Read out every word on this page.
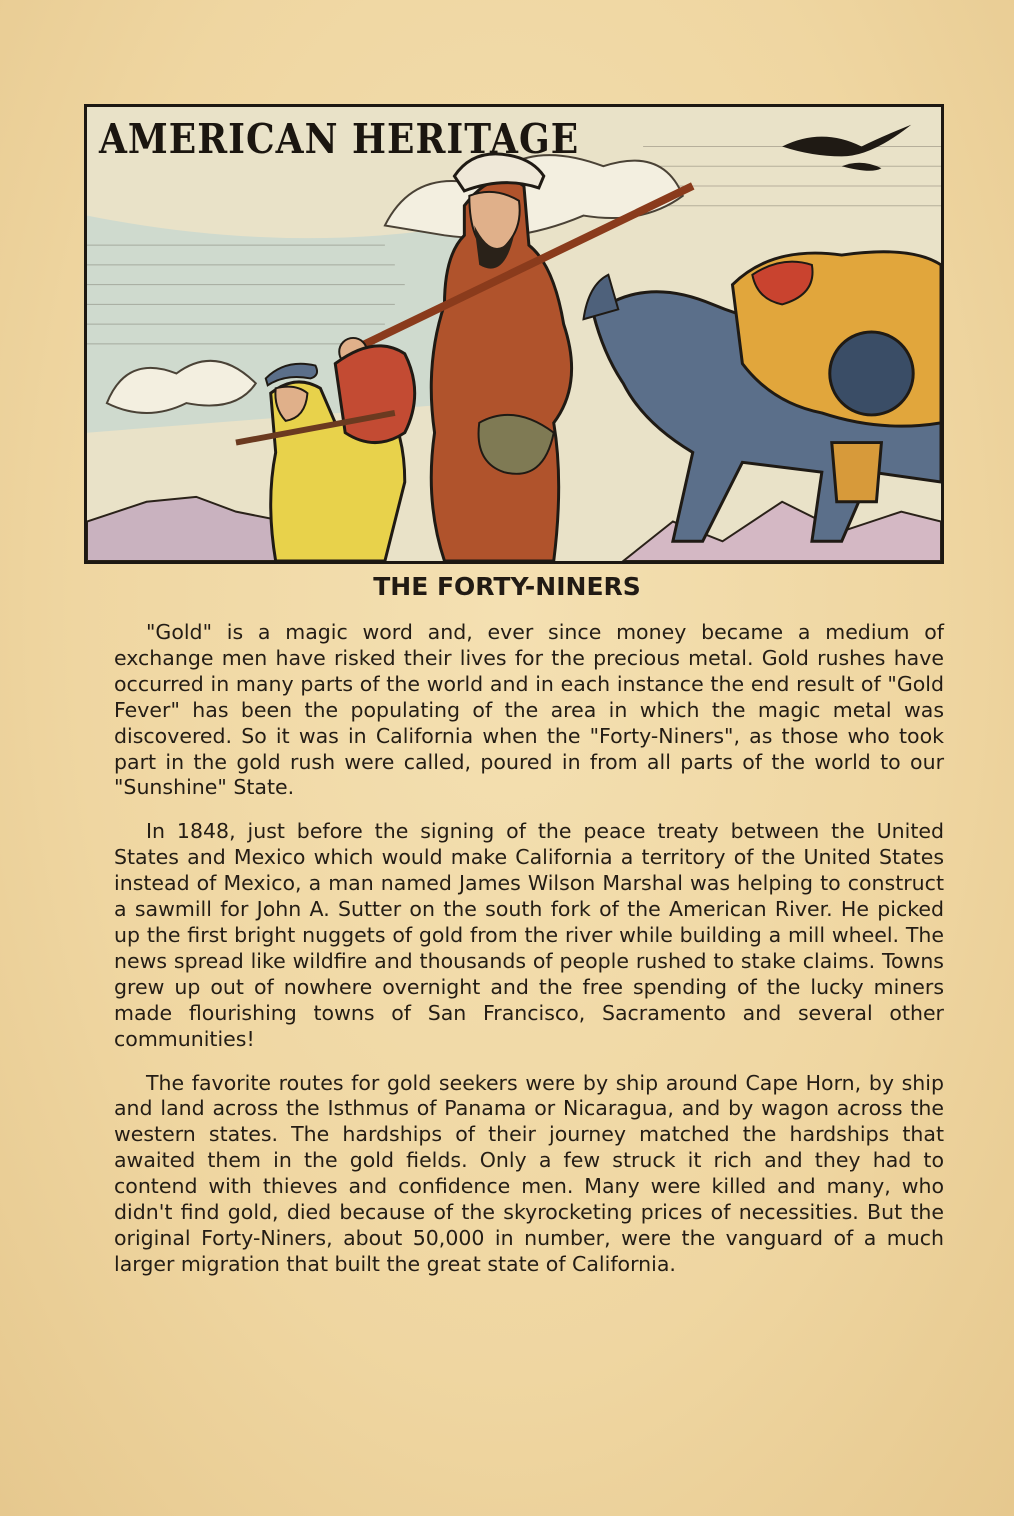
AMERICAN HERITAGE
THE FORTY-NINERS

"Gold" is a magic word and, ever since money became a medium of exchange men have risked their lives for the precious metal. Gold rushes have occurred in many parts of the world and in each instance the end result of "Gold Fever" has been the populating of the area in which the magic metal was discovered. So it was in California when the "Forty-Niners", as those who took part in the gold rush were called, poured in from all parts of the world to our "Sunshine" State.

In 1848, just before the signing of the peace treaty between the United States and Mexico which would make California a territory of the United States instead of Mexico, a man named James Wilson Marshal was helping to construct a sawmill for John A. Sutter on the south fork of the American River. He picked up the first bright nuggets of gold from the river while building a mill wheel. The news spread like wildfire and thousands of people rushed to stake claims. Towns grew up out of nowhere overnight and the free spending of the lucky miners made flourishing towns of San Francisco, Sacramento and several other communities!

The favorite routes for gold seekers were by ship around Cape Horn, by ship and land across the Isthmus of Panama or Nicaragua, and by wagon across the western states. The hardships of their journey matched the hardships that awaited them in the gold fields. Only a few struck it rich and they had to contend with thieves and confidence men. Many were killed and many, who didn't find gold, died because of the skyrocketing prices of necessities. But the original Forty-Niners, about 50,000 in number, were the vanguard of a much larger migration that built the great state of California.
